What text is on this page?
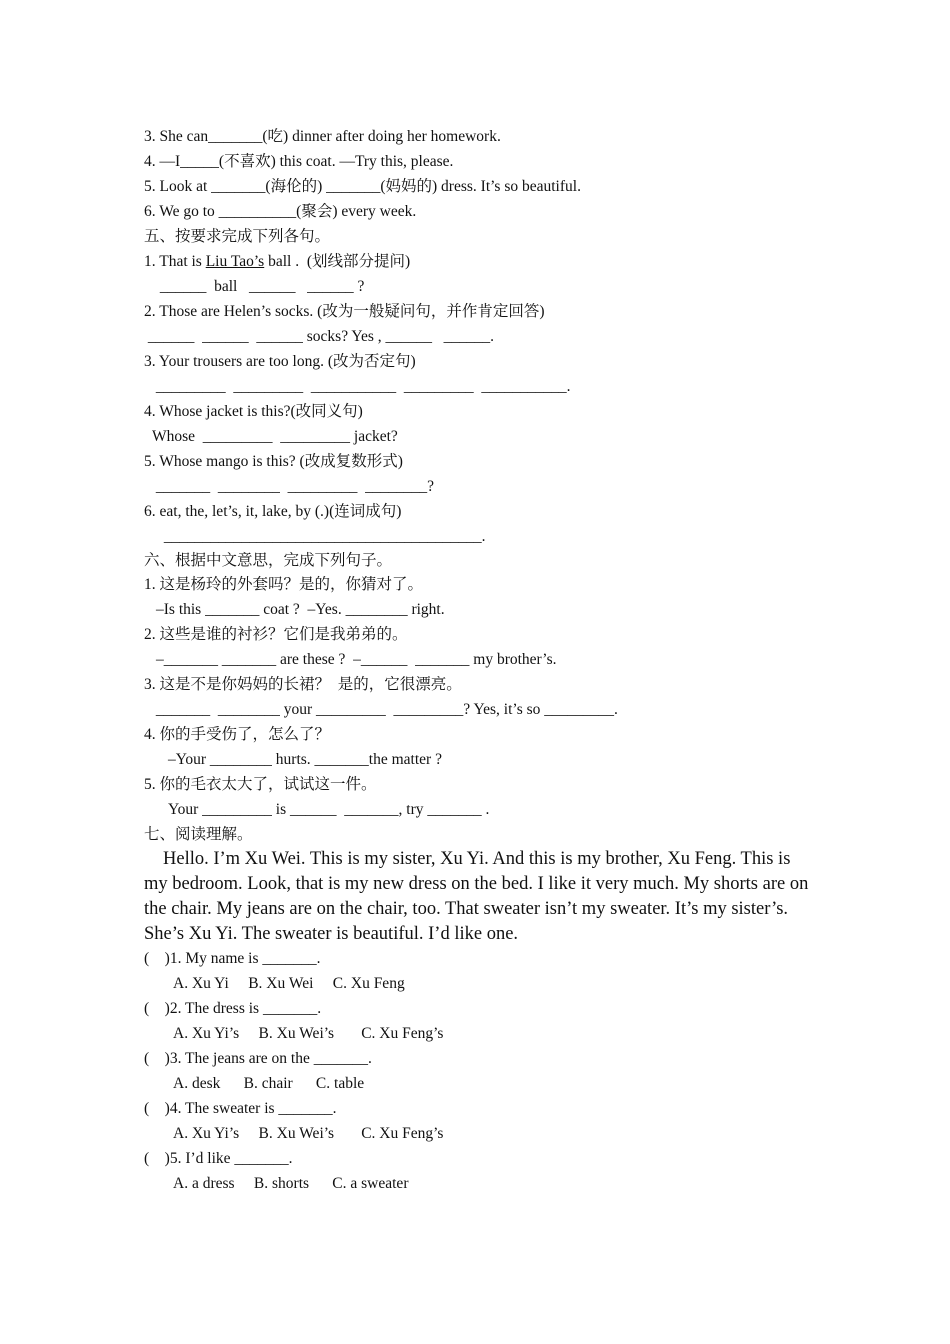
3. She can_______(吃) dinner after doing her homework.
4. —I_____(不喜欢) this coat. —Try this, please.
5. Look at _______(海伦的) _______(妈妈的) dress. It’s so beautiful.
6. We go to __________(聚会) every week.
五、按要求完成下列各句。
1. That is Liu Tao’s ball .  (划线部分提问)
______  ball   ______   ______ ?
2. Those are Helen’s socks. (改为一般疑问句，并作肯定回答)
______  ______  ______ socks? Yes , ______   ______.
3. Your trousers are too long. (改为否定句)
_________  _________  ___________  _________  ___________.
4. Whose jacket is this?(改同义句)
Whose  _________  _________ jacket?
5. Whose mango is this? (改成复数形式)
_______  ________  _________  ________?
6. eat, the, let’s, it, lake, by (.)(连词成句)
_________________________________________.
六、根据中文意思，完成下列句子。
1. 这是杨玲的外套吗？是的，你猜对了。
–Is this _______ coat ?  –Yes. ________ right.
2. 这些是谁的衬衫？它们是我弟弟的。
–_______ _______ are these ?  –______  _______ my brother’s.
3. 这是不是你妈妈的长裙？  是的，它很漂亮。
_______  ________ your _________  _________? Yes, it’s so _________.
4. 你的手受伤了，怎么了？
–Your ________ hurts. _______the matter ?
5. 你的毛衣太大了，试试这一件。
Your _________ is ______  _______, try _______ .
七、阅读理解。
Hello. I’m Xu Wei. This is my sister, Xu Yi. And this is my brother, Xu Feng. This is my bedroom. Look, that is my new dress on the bed. I like it very much. My shorts are on the chair. My jeans are on the chair, too. That sweater isn’t my sweater. It’s my sister’s. She’s Xu Yi. The sweater is beautiful. I’d like one.
(    )1. My name is _______.
A. Xu Yi     B. Xu Wei     C. Xu Feng
(    )2. The dress is _______.
A. Xu Yi’s     B. Xu Wei’s       C. Xu Feng’s
(    )3. The jeans are on the _______.
A. desk      B. chair      C. table
(    )4. The sweater is _______.
A. Xu Yi’s     B. Xu Wei’s       C. Xu Feng’s
(    )5. I’d like _______.
A. a dress     B. shorts      C. a sweater
